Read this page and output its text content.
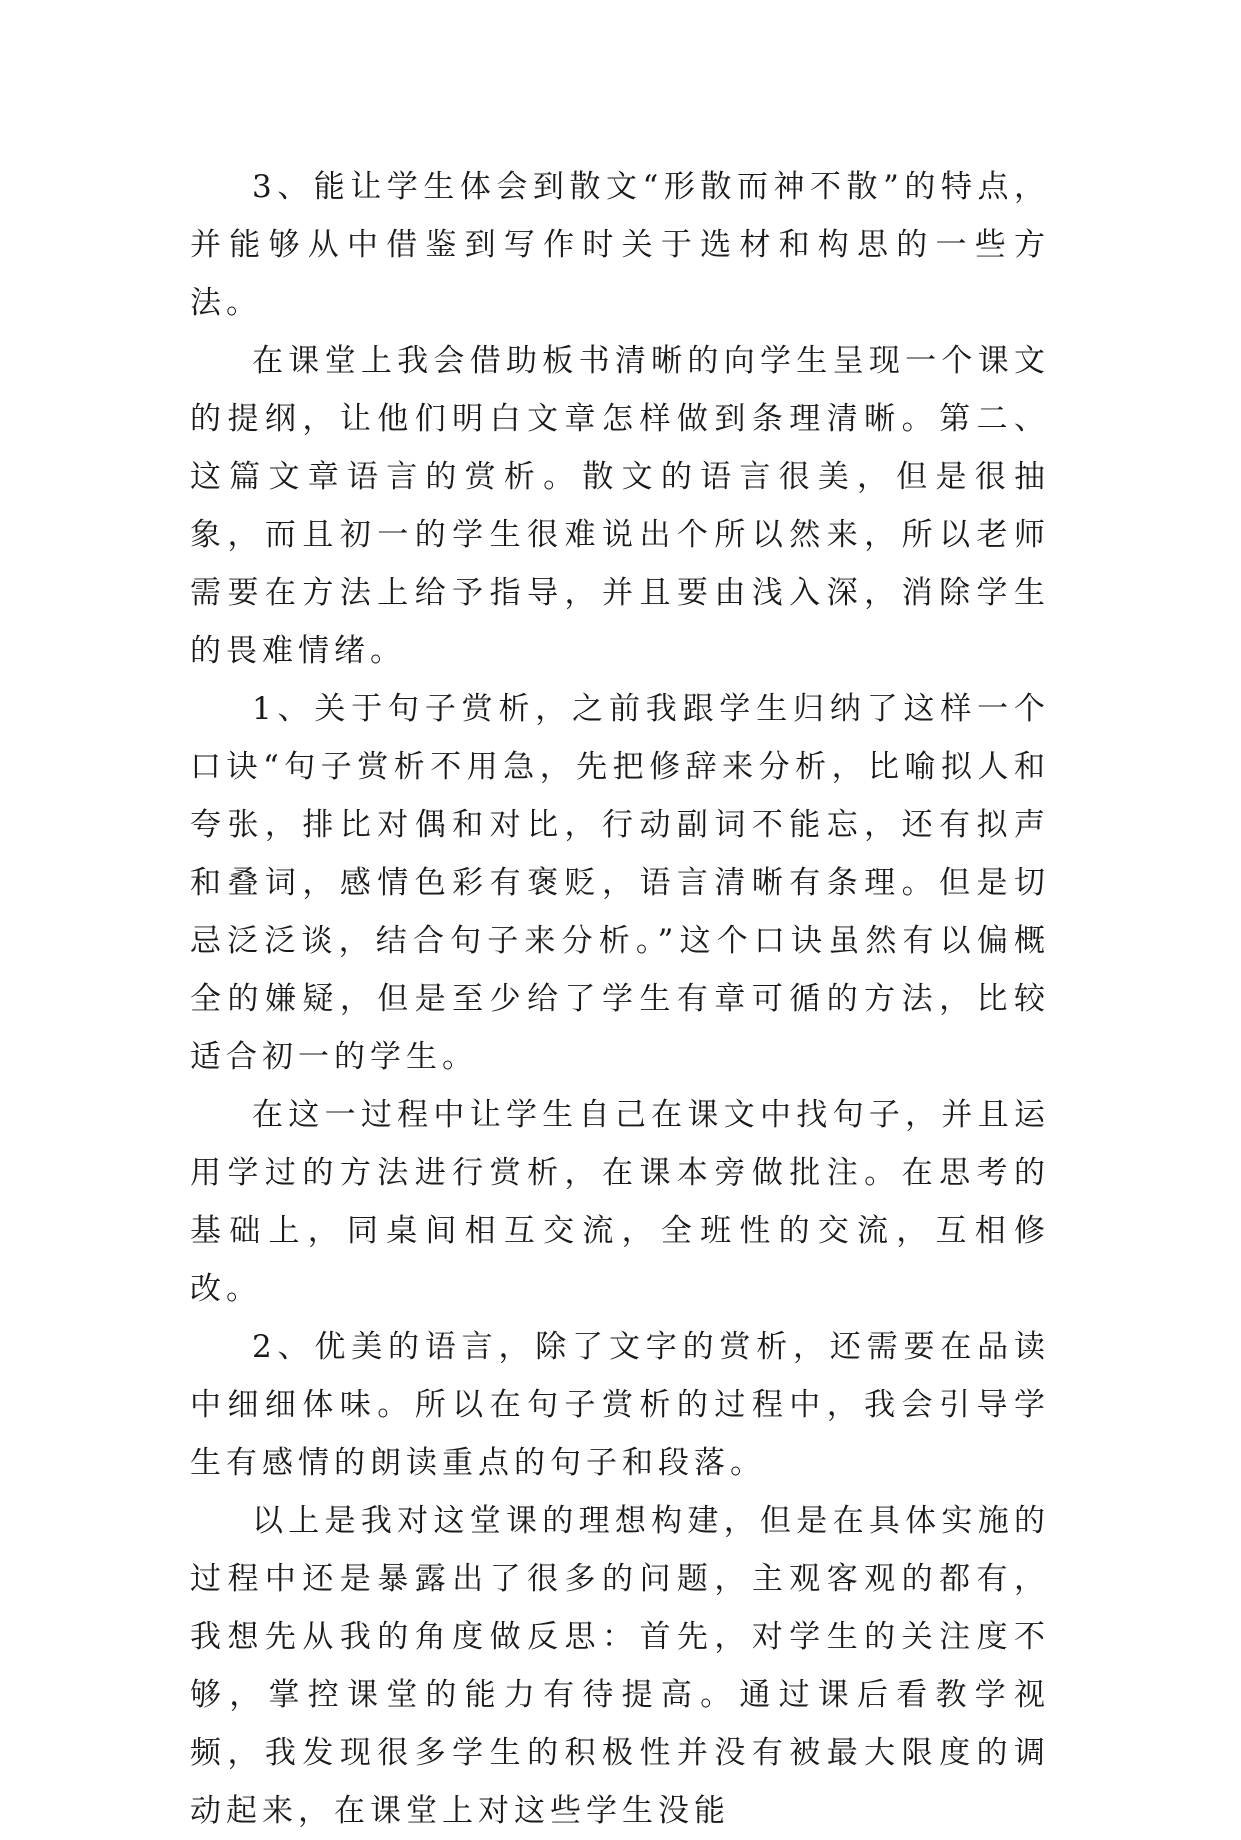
3、能让学生体会到散文“形散而神不散”的特点，并能够从中借鉴到写作时关于选材和构思的一些方法。

在课堂上我会借助板书清晰的向学生呈现一个课文的提纲，让他们明白文章怎样做到条理清晰。第二、这篇文章语言的赏析。散文的语言很美，但是很抽象，而且初一的学生很难说出个所以然来，所以老师需要在方法上给予指导，并且要由浅入深，消除学生的畏难情绪。

1、关于句子赏析，之前我跟学生归纳了这样一个口诀“句子赏析不用急，先把修辞来分析，比喻拟人和夸张，排比对偶和对比，行动副词不能忘，还有拟声和叠词，感情色彩有褒贬，语言清晰有条理。但是切忌泛泛谈，结合句子来分析。”这个口诀虽然有以偏概全的嫌疑，但是至少给了学生有章可循的方法，比较适合初一的学生。

在这一过程中让学生自己在课文中找句子，并且运用学过的方法进行赏析，在课本旁做批注。在思考的基础上，同桌间相互交流，全班性的交流，互相修改。

2、优美的语言，除了文字的赏析，还需要在品读中细细体味。所以在句子赏析的过程中，我会引导学生有感情的朗读重点的句子和段落。

以上是我对这堂课的理想构建，但是在具体实施的过程中还是暴露出了很多的问题，主观客观的都有，我想先从我的角度做反思：首先，对学生的关注度不够，掌控课堂的能力有待提高。通过课后看教学视频，我发现很多学生的积极性并没有被最大限度的调动起来，在课堂上对这些学生没能
